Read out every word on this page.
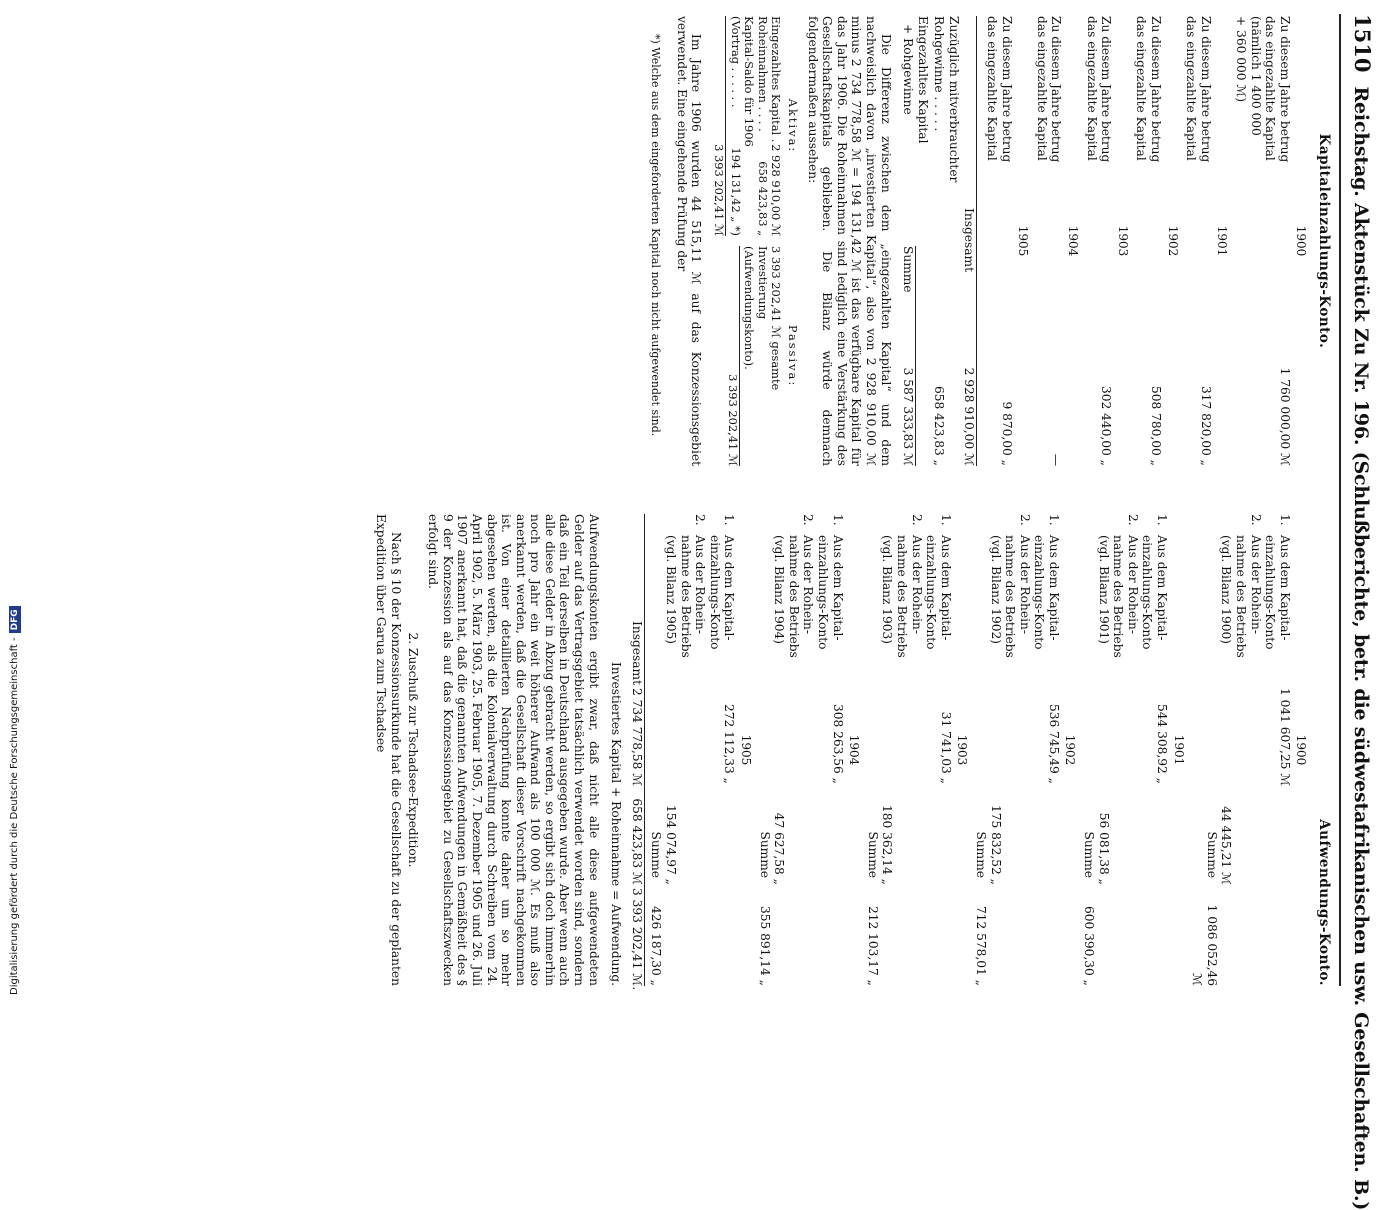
1510
Reichstag. Aktenstück Zu Nr. 196. (Schlußberichte, betr. die südwestafrikanischen usw. Gesellschaften. B.)
Kapitaleinzahlungs-Konto.
1900
Zu diesem Jahre betrug
das eingezahlte Kapital
(nämlich 1 400 000
+ 360 000 ℳ)
1 760 000,00 ℳ
1901
Zu diesem Jahre betrug
das eingezahlte Kapital
317 820,00 „
1902
Zu diesem Jahre betrug
das eingezahlte Kapital
508 780,00 „
1903
Zu diesem Jahre betrug
das eingezahlte Kapital
302 440,00 „
1904
Zu diesem Jahre betrug
das eingezahlte Kapital
—
1905
Zu diesem Jahre betrug
das eingezahlte Kapital
9 870,00 „
Insgesamt
2 928 910,00 ℳ
Zuzüglich mitverbrauchter
Rohgewinne . . . . .
658 423,83 „
Eingezahltes Kapital
+ Rohgewinne
Summe
3 587 333,83 ℳ

Die Differenz zwischen dem „eingezahlten Kapital“ und dem nachweislich davon „investierten Kapital“, also von 2 928 910,00 ℳ minus 2 734 778,58 ℳ = 194 131,42 ℳ ist das verfügbare Kapital für das Jahr 1906. Die Roheinnahmen sind lediglich eine Verstärkung des Gesellschaftskapitals geblieben. Die Bilanz würde demnach folgendermaßen aussehen:

Aktiva:
Eingezahltes Kapital .
2 928 910,00 ℳ
Roheinnahmen . . . .
658 423,83 „
Kapital-Saldo für 1906
(Vortrag . . . . . .
194 131,42 „ *)
3 393 202,41 ℳ
Passiva:
3 393 202,41 ℳ gesamte Investierung
(Aufwendungskonto).
3 393 202,41 ℳ

Im Jahre 1906 wurden 44 515,11 ℳ auf das Konzessionsgebiet verwendet. Eine eingehende Prüfung der

*) Welche aus dem eingeforderten Kapital noch nicht aufgewendet sind.
Aufwendungs-Konto.
1900
1.
Aus dem Kapital-
einzahlungs-Konto
1 041 607,25 ℳ
2.
Aus der Rohein-
nahme des Betriebs
(vgl. Bilanz 1900)
44 445,21 ℳ
Summe
1 086 052,46 ℳ
1901
1.
Aus dem Kapital-
einzahlungs-Konto
544 308,92 „
2.
Aus der Rohein-
nahme des Betriebs
(vgl. Bilanz 1901)
56 081,38 „
Summe
600 390,30 „
1902
1.
Aus dem Kapital-
einzahlungs-Konto
536 745,49 „
2.
Aus der Rohein-
nahme des Betriebs
(vgl. Bilanz 1902)
175 832,52 „
Summe
712 578,01 „
1903
1.
Aus dem Kapital-
einzahlungs-Konto
31 741,03 „
2.
Aus der Rohein-
nahme des Betriebs
(vgl. Bilanz 1903)
180 362,14 „
Summe
212 103,17 „
1904
1.
Aus dem Kapital-
einzahlungs-Konto
308 263,56 „
2.
Aus der Rohein-
nahme des Betriebs
(vgl. Bilanz 1904)
47 627,58 „
Summe
355 891,14 „
1905
1.
Aus dem Kapital-
einzahlungs-Konto
272 112,33 „
2.
Aus der Rohein-
nahme des Betriebs
(vgl. Bilanz 1905)
154 074,97 „
Summe
426 187,30 „
Insgesamt
2 734 778,58 ℳ
658 423,83 ℳ
3 393 202,41 ℳ.
Investiertes Kapital + Roheinnahme = Aufwendung.

Aufwendungskonten ergibt zwar, daß nicht alle diese aufgewendeten Gelder auf das Vertragsgebiet tatsächlich verwendet worden sind, sondern daß ein Teil derselben in Deutschland ausgegeben wurde. Aber wenn auch alle diese Gelder in Abzug gebracht werden, so ergibt sich doch immerhin noch pro Jahr ein weit höherer Aufwand als 100 000 ℳ. Es muß also anerkannt werden, daß die Gesellschaft dieser Vorschrift nachgekommen ist. Von einer detaillierten Nachprüfung konnte daher um so mehr abgesehen werden, als die Kolonialverwaltung durch Schreiben vom 24. April 1902, 5. März 1903, 25. Februar 1905, 7. Dezember 1905 und 26. Juli 1907 anerkannt hat, daß die genannten Aufwendungen in Gemäßheit des § 9 der Konzession als auf das Konzessionsgebiet zu Gesellschaftszwecken erfolgt sind.

2. Zuschuß zur Tschadsee-Expedition.

Nach § 10 der Konzessionsurkunde hat die Gesellschaft zu der geplanten Expedition über Garua zum Tschadsee

Digitalisierung gefördert durch die Deutsche Forschungsgemeinschaft -DFG
